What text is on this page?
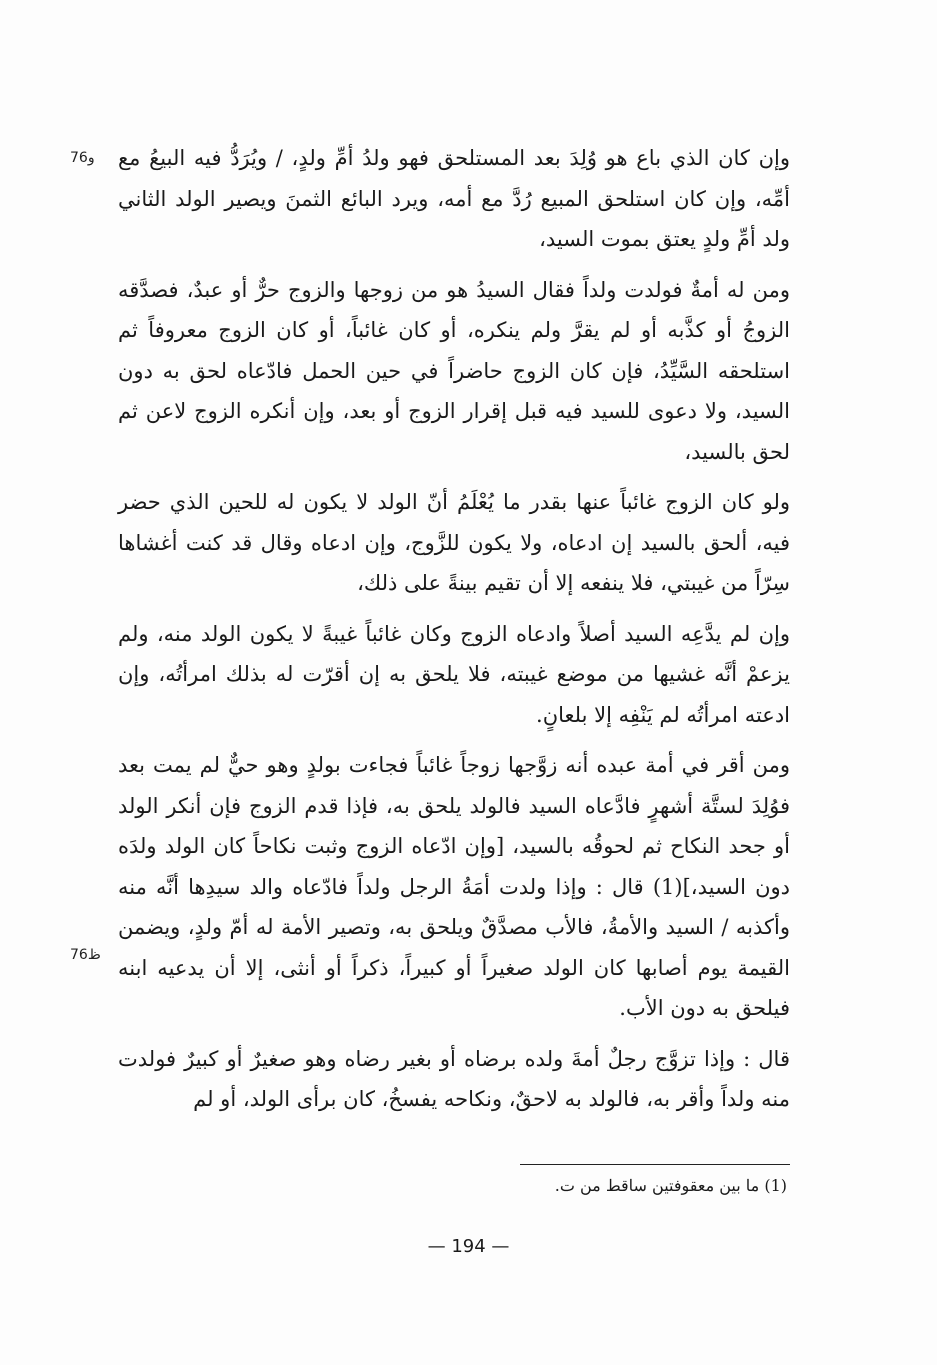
76و
76ظ

وإن كان الذي باع هو وُلِدَ بعد المستلحق فهو ولدُ أمِّ ولدٍ، / ويُرَدُّ فيه البيعُ مع أمِّه، وإن كان استلحق المبيع رُدَّ مع أمه، ويرد البائع الثمنَ ويصير الولد الثاني ولد أمِّ ولدٍ يعتق بموت السيد،

ومن له أمةٌ فولدت ولداً فقال السيدُ هو من زوجها والزوج حرٌّ أو عبدٌ، فصدَّقه الزوجُ أو كذَّبه أو لم يقرَّ ولم ينكره، أو كان غائباً، أو كان الزوج معروفاً ثم استلحقه السَّيِّدُ، فإن كان الزوج حاضراً في حين الحمل فادّعاه لحق به دون السيد، ولا دعوى للسيد فيه قبل إقرار الزوج أو بعد، وإن أنكره الزوج لاعن ثم لحق بالسيد،

ولو كان الزوج غائباً عنها بقدر ما يُعْلَمُ أنّ الولد لا يكون له للحين الذي حضر فيه، ألحق بالسيد إن ادعاه، ولا يكون للزَّوج، وإن ادعاه وقال قد كنت أغشاها سِرّاً من غيبتي، فلا ينفعه إلا أن تقيم بينةً على ذلك،

وإن لم يدَّعِه السيد أصلاً وادعاه الزوج وكان غائباً غيبةً لا يكون الولد منه، ولم يزعمْ أنَّه غشيها من موضع غيبته، فلا يلحق به إن أقرّت له بذلك امرأتُه، وإن ادعته امرأتُه لم يَنْفِه إلا بلعانٍ.

ومن أقر في أمة عبده أنه زوَّجها زوجاً غائباً فجاءت بولدٍ وهو حيٌّ لم يمت بعد فوُلِدَ لستَّة أشهرٍ فادَّعاه السيد فالولد يلحق به، فإذا قدم الزوج فإن أنكر الولد أو جحد النكاح ثم لحوقُه بالسيد، [وإن ادّعاه الزوج وثبت نكاحاً كان الولد ولدَه دون السيد،](1) قال : وإذا ولدت أمَةُ الرجل ولداً فادّعاه والد سيدِها أنَّه منه وأكذبه / السيد والأمةُ، فالأب مصدَّقٌ ويلحق به، وتصير الأمة له أمّ ولدٍ، ويضمن القيمة يوم أصابها كان الولد صغيراً أو كبيراً، ذكراً أو أنثى، إلا أن يدعيه ابنه فيلحق به دون الأب.

قال : وإذا تزوَّج رجلٌ أمةَ ولده برضاه أو بغير رضاه وهو صغيرٌ أو كبيرٌ فولدت منه ولداً وأقر به، فالولد به لاحقٌ، ونكاحه يفسخُ، كان برأى الولد، أو لم

(1) ما بين معقوفتين ساقط من ت.
— 194 —
